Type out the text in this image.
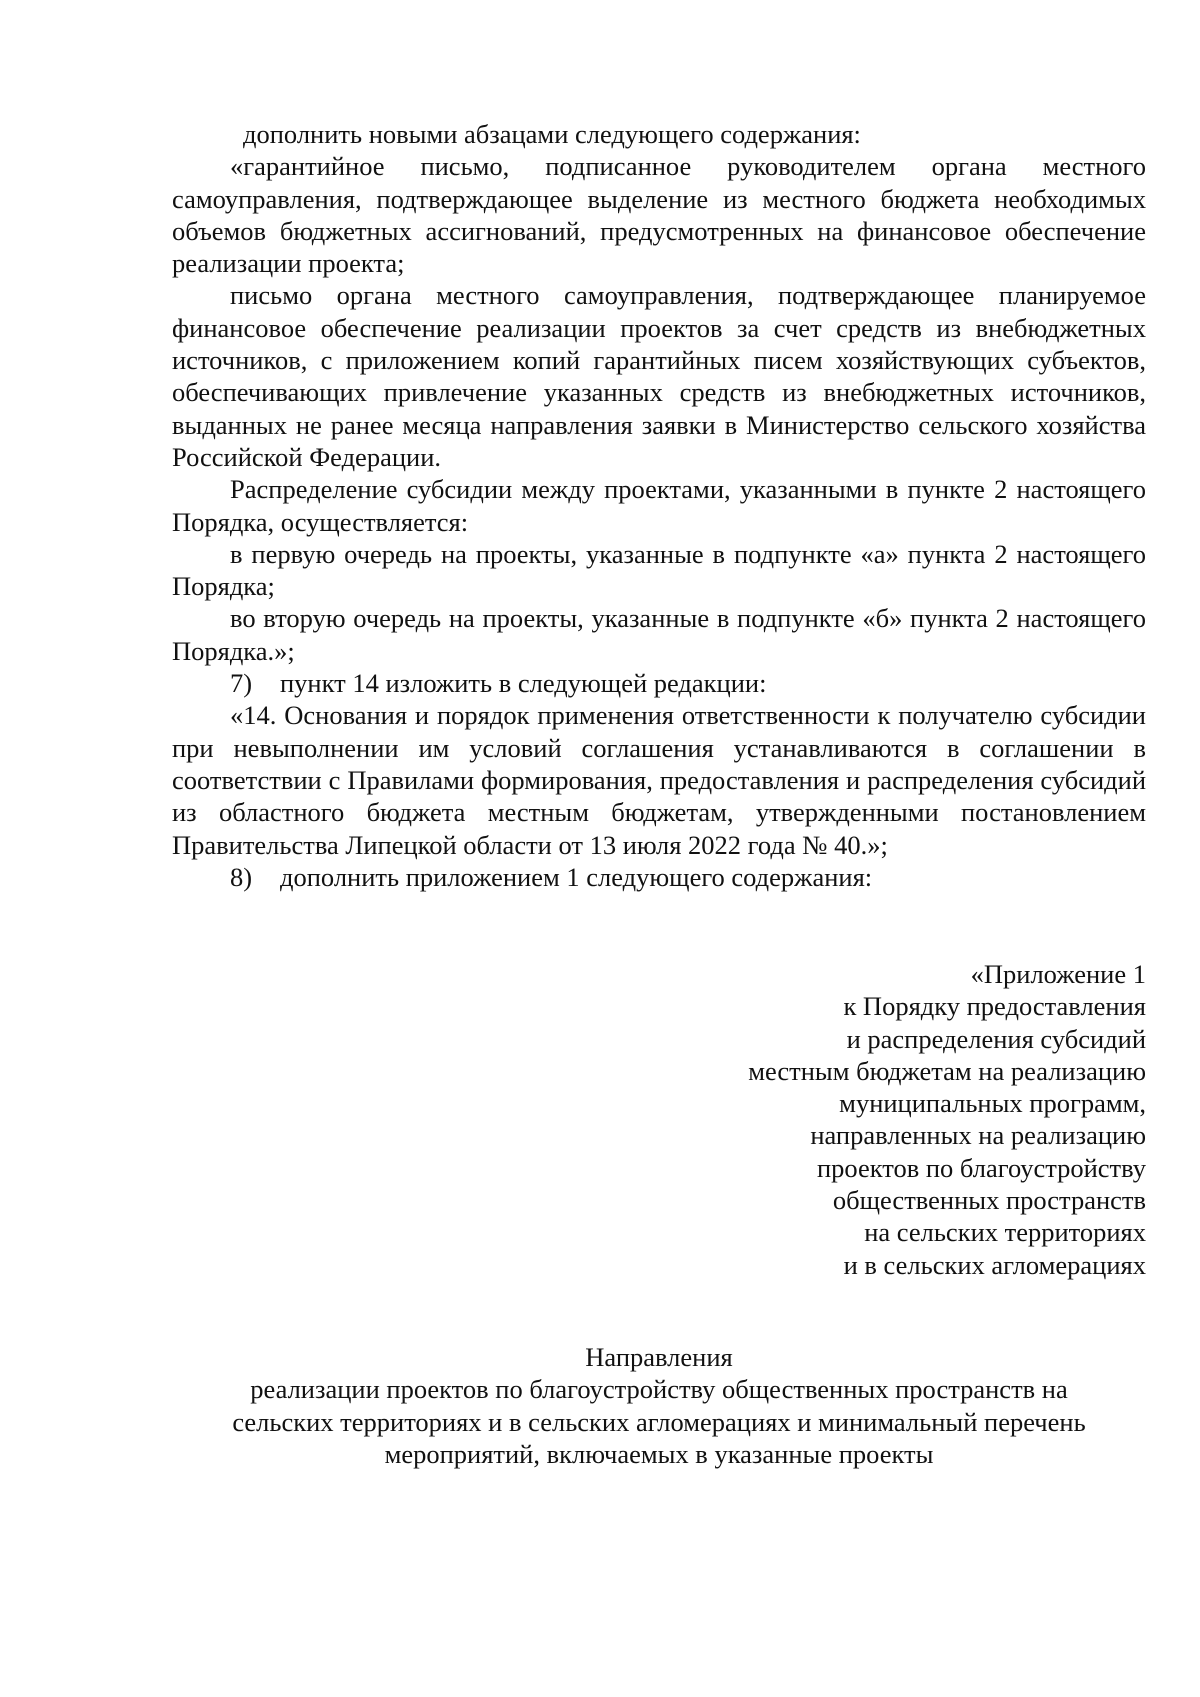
дополнить новыми абзацами следующего содержания:

«гарантийное письмо, подписанное руководителем органа местного самоуправления, подтверждающее выделение из местного бюджета необходимых объемов бюджетных ассигнований, предусмотренных на финансовое обеспечение реализации проекта;

письмо органа местного самоуправления, подтверждающее планируемое финансовое обеспечение реализации проектов за счет средств из внебюджетных источников, с приложением копий гарантийных писем хозяйствующих субъектов, обеспечивающих привлечение указанных средств из внебюджетных источников, выданных не ранее месяца направления заявки в Министерство сельского хозяйства Российской Федерации.

Распределение субсидии между проектами, указанными в пункте 2 настоящего Порядка, осуществляется:

в первую очередь на проекты, указанные в подпункте «а» пункта 2 настоящего Порядка;

во вторую очередь на проекты, указанные в подпункте «б» пункта 2 настоящего Порядка.»;

7)	пункт 14 изложить в следующей редакции:

«14. Основания и порядок применения ответственности к получателю субсидии при невыполнении им условий соглашения устанавливаются в соглашении в соответствии с Правилами формирования, предоставления и распределения субсидий из областного бюджета местным бюджетам, утвержденными постановлением Правительства Липецкой области от 13 июля 2022 года № 40.»;

8)	дополнить приложением 1 следующего содержания:

«Приложение 1
к Порядку предоставления
и распределения субсидий
местным бюджетам на реализацию
муниципальных программ,
направленных на реализацию
проектов по благоустройству
общественных пространств
на сельских территориях
и в сельских агломерациях
Направления
реализации проектов по благоустройству общественных пространств на
сельских территориях и в сельских агломерациях и минимальный перечень
мероприятий, включаемых в указанные проекты
